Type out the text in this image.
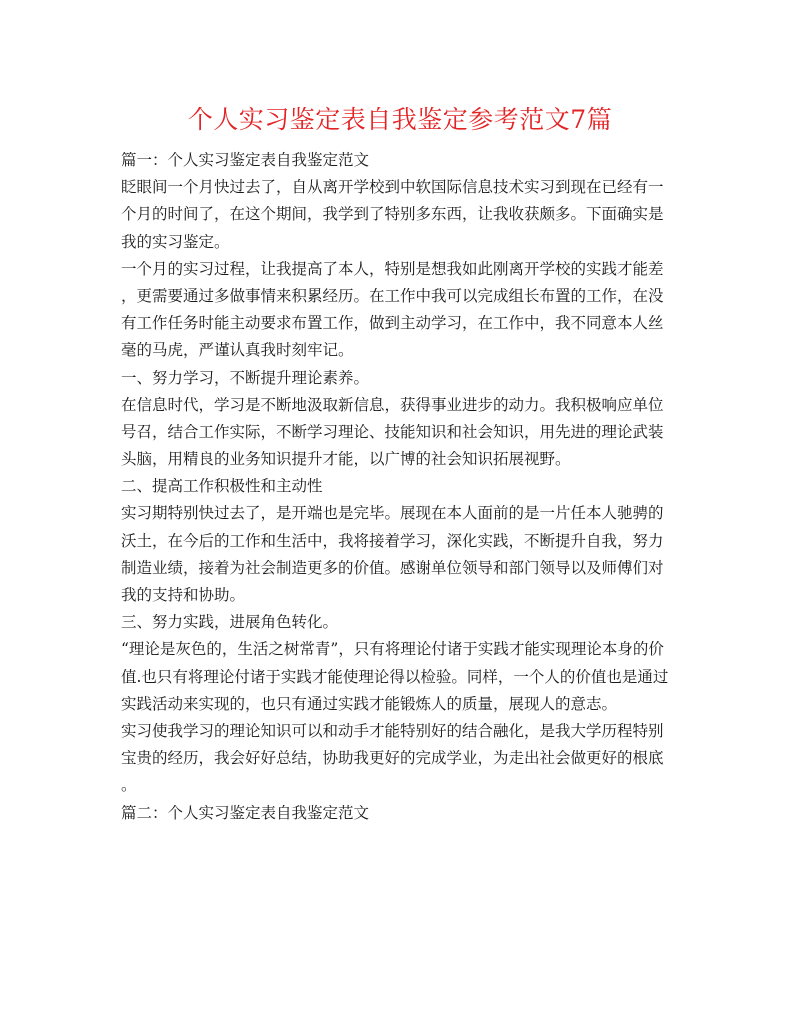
个人实习鉴定表自我鉴定参考范文7篇
篇一：个人实习鉴定表自我鉴定范文
眨眼间一个月快过去了，自从离开学校到中软国际信息技术实习到现在已经有一
个月的时间了，在这个期间，我学到了特别多东西，让我收获颇多。下面确实是
我的实习鉴定。
一个月的实习过程，让我提高了本人，特别是想我如此刚离开学校的实践才能差
，更需要通过多做事情来积累经历。在工作中我可以完成组长布置的工作，在没
有工作任务时能主动要求布置工作，做到主动学习，在工作中，我不同意本人丝
毫的马虎，严谨认真我时刻牢记。
一、努力学习，不断提升理论素养。
在信息时代，学习是不断地汲取新信息，获得事业进步的动力。我积极响应单位
号召，结合工作实际，不断学习理论、技能知识和社会知识，用先进的理论武装
头脑，用精良的业务知识提升才能，以广博的社会知识拓展视野。
二、提高工作积极性和主动性
实习期特别快过去了，是开端也是完毕。展现在本人面前的是一片任本人驰骋的
沃土，在今后的工作和生活中，我将接着学习，深化实践，不断提升自我，努力
制造业绩，接着为社会制造更多的价值。感谢单位领导和部门领导以及师傅们对
我的支持和协助。
三、努力实践，进展角色转化。
“理论是灰色的，生活之树常青”，只有将理论付诸于实践才能实现理论本身的价
值.也只有将理论付诸于实践才能使理论得以检验。同样，一个人的价值也是通过
实践活动来实现的，也只有通过实践才能锻炼人的质量，展现人的意志。
实习使我学习的理论知识可以和动手才能特别好的结合融化，是我大学历程特别
宝贵的经历，我会好好总结，协助我更好的完成学业，为走出社会做更好的根底
。
篇二：个人实习鉴定表自我鉴定范文
